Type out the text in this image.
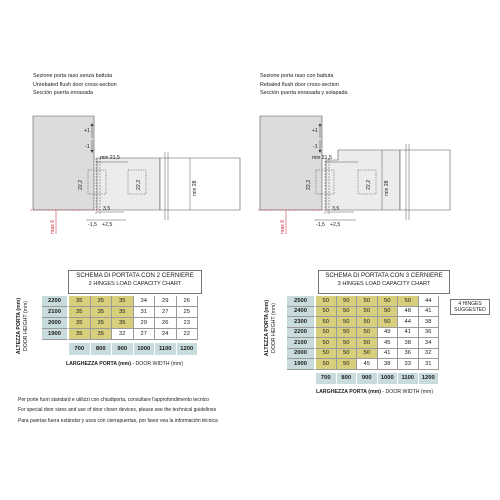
Sezione porta raso senza battuta
Unrebated flush door cross-section
Sección puerta enrasada
Sezione porta raso con battuta
Rebated flush door cross-section
Sección puerta enrasada y solapada
+1
-1
min 21,5
22,2	22,2	min 28
3,5
-1,5 +2,5
max 6
+1
-1
min 21,5
22,2	22,2 min 28
3,5
-1,5 +2,5
max 6
SCHEMA DI PORTATA CON 2 CERNIERE
2 HINGES LOAD CAPACITY CHART
ALTEZZA PORTA (mm) DOOR HEIGHT (mm)	2200	35	35	35	34	29	26
2100	35	35	35	31	27	25
2000	35	35	35	29	26	23
1900	35	35	32	27	24	22
700	800	900	1000	1100	1200
LARGHEZZA PORTA (mm) - DOOR WIDTH (mm)
SCHEMA DI PORTATA CON 3 CERNIERE
3 HINGES LOAD CAPACITY CHART
ALTEZZA PORTA (mm) DOOR HEIGHT (mm)
2500	50	50	50	50	50	44
2400	50	50	50	50	48	41
2300	50	50	50	50	44	38
2200	50	50	50	49	41	36
2100	50	50	50	45	38	34
2000	50	50	50	41	36	32
1900	50	50	45	38	33	31
700	800	900	1000	1100	1200
4 HINGES SUGGESTED
LARGHEZZA PORTA (mm) - DOOR WIDTH (mm)
Per porte fuori standard e utilizzi con chiudiporta, consultare l'approfondimento tecnico
For special door sizes and use of door closer devices, please see the technical guidelines
Para puertas fuera estándar y usos con cierrapuertas, por favor vea la información técnica
